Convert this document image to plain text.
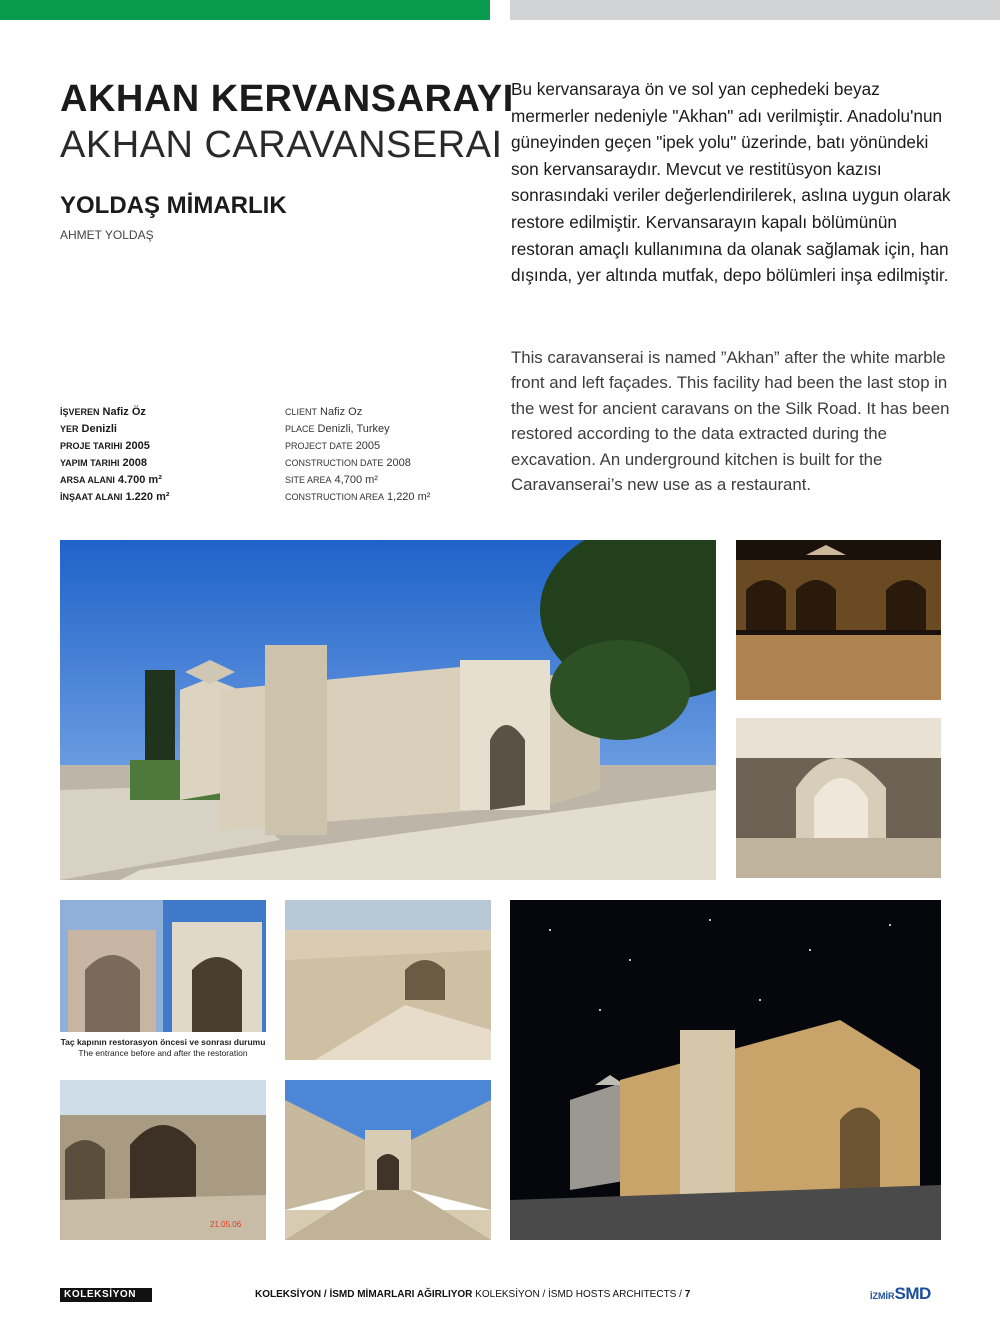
AKHAN KERVANSARAYI
AKHAN CARAVANSERAI
YOLDAŞ MİMARLIK
AHMET YOLDAŞ
İŞVEREN Nafiz Öz
YER Denizli
PROJE TARIHI 2005
YAPIM TARIHI 2008
ARSA ALANI 4.700 m²
İNŞAAT ALANI 1.220 m²
CLIENT Nafiz Oz
PLACE Denizli, Turkey
PROJECT DATE 2005
CONSTRUCTION DATE 2008
SITE AREA 4,700 m²
CONSTRUCTION AREA 1,220 m²
Bu kervansaraya ön ve sol yan cephedeki beyaz mermerler nedeniyle "Akhan" adı verilmiştir. Anadolu'nun güneyinden geçen "ipek yolu" üzerinde, batı yönündeki son kervansaraydır. Mevcut ve restitüsyon kazısı sonrasındaki veriler değerlendirilerek, aslına uygun olarak restore edilmiştir. Kervansarayın kapalı bölümünün restoran amaçlı kullanımına da olanak sağlamak için, han dışında, yer altında mutfak, depo bölümleri inşa edilmiştir.
This caravanserai is named ”Akhan” after the white marble front and left façades. This facility had been the last stop in the west for ancient caravans on the Silk Road. It has been restored according to the data extracted during the excavation. An underground kitchen is built for the Caravanserai’s new use as a restaurant.
Taç kapının restorasyon öncesi ve sonrası durumu
The entrance before and after the restoration
21.05.06
KOLEKSİYON	KOLEKSİYON / İSMD MİMARLARI AĞIRLIYOR KOLEKSİYON / İSMD HOSTS ARCHITECTS / 7	İZMİRSMD
